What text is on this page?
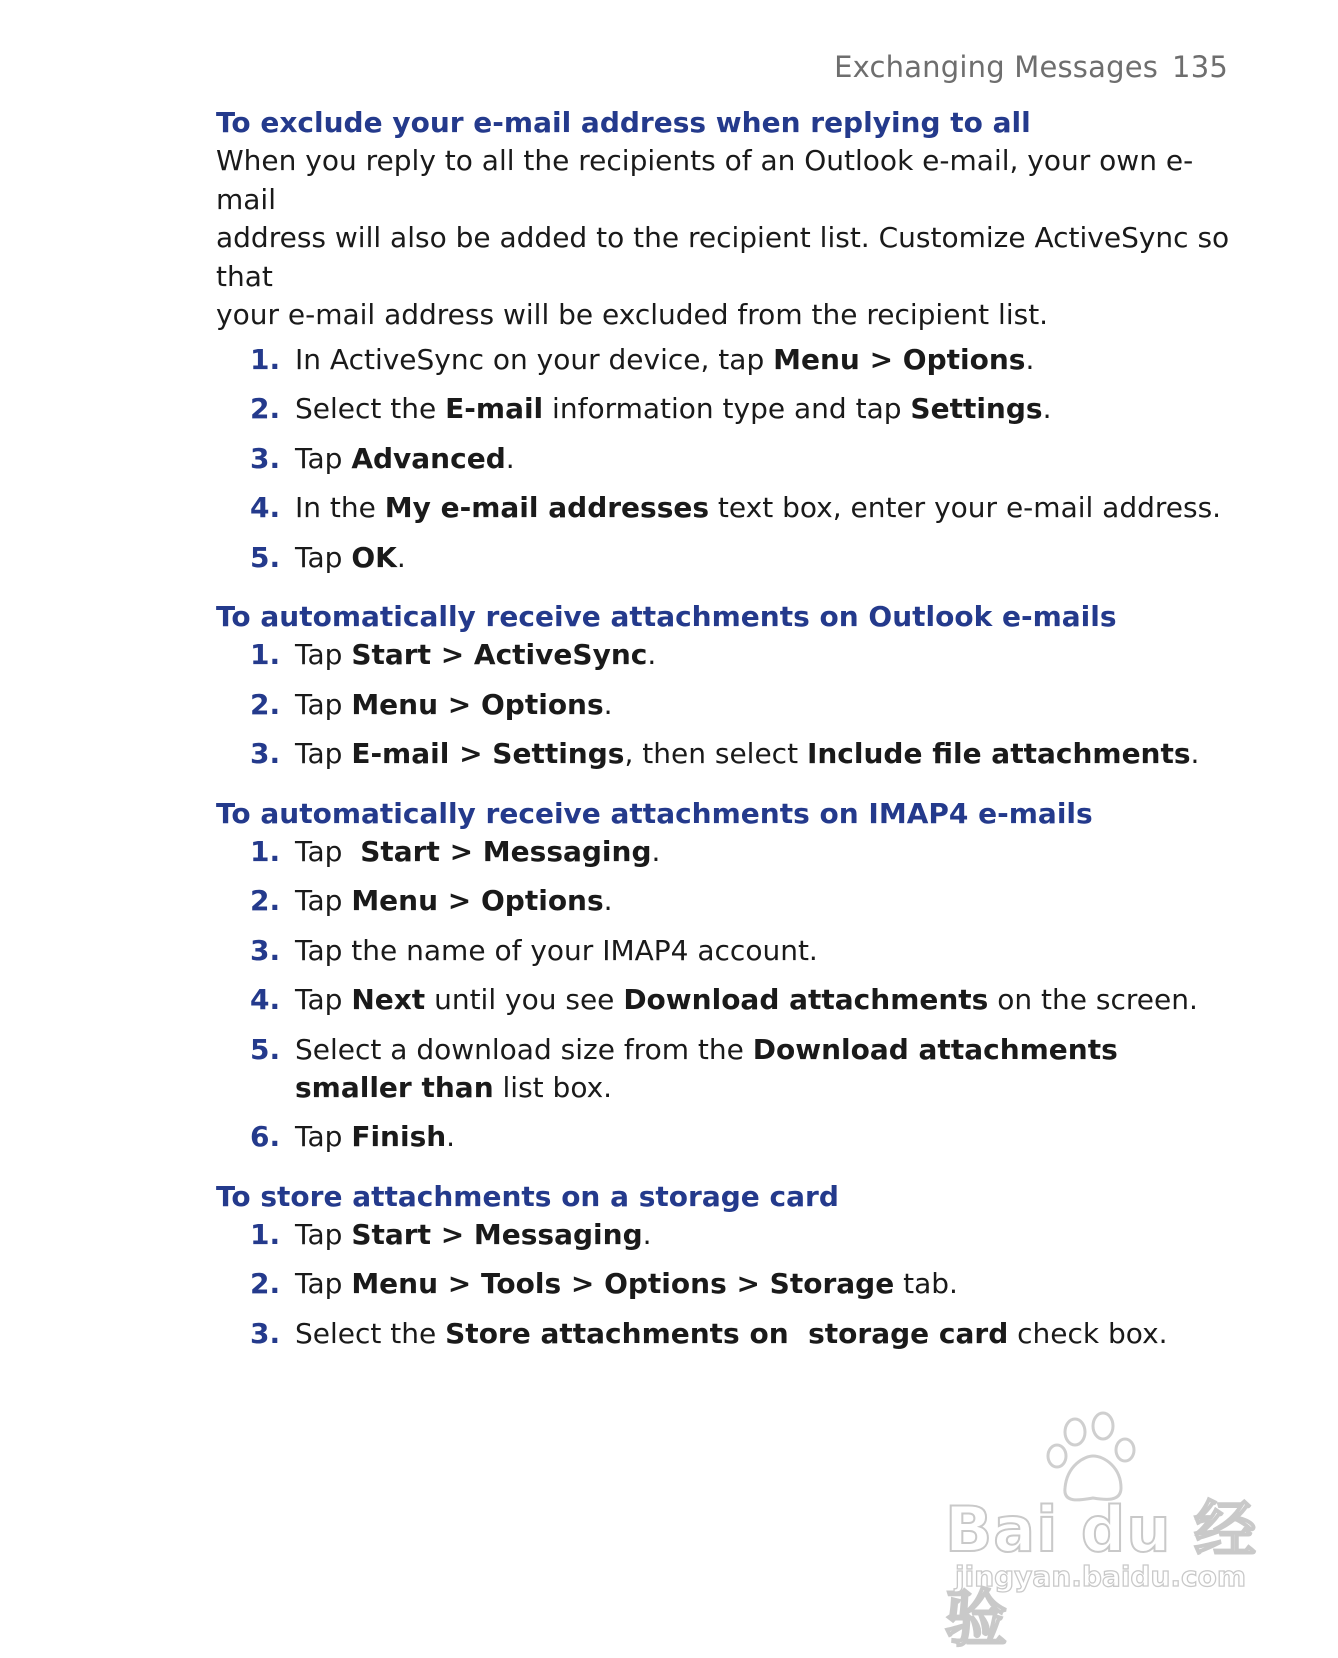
Exchanging Messages 135
To exclude your e-mail address when replying to all
When you reply to all the recipients of an Outlook e-mail, your own e-mail
address will also be added to the recipient list. Customize ActiveSync so that
your e-mail address will be excluded from the recipient list.
1. In ActiveSync on your device, tap Menu > Options.
2. Select the E-mail information type and tap Settings.
3. Tap Advanced.
4. In the My e-mail addresses text box, enter your e-mail address.
5. Tap OK.
To automatically receive attachments on Outlook e-mails
1. Tap Start > ActiveSync.
2. Tap Menu > Options.
3. Tap E-mail > Settings, then select Include file attachments.
To automatically receive attachments on IMAP4 e-mails
1. Tap  Start > Messaging.
2. Tap Menu > Options.
3. Tap the name of your IMAP4 account.
4. Tap Next until you see Download attachments on the screen.
5. Select a download size from the Download attachments smaller than list box.
6. Tap Finish.
To store attachments on a storage card
1. Tap Start > Messaging.
2. Tap Menu > Tools > Options > Storage tab.
3. Select the Store attachments on  storage card check box.
Bai du 经验
jingyan.baidu.com
